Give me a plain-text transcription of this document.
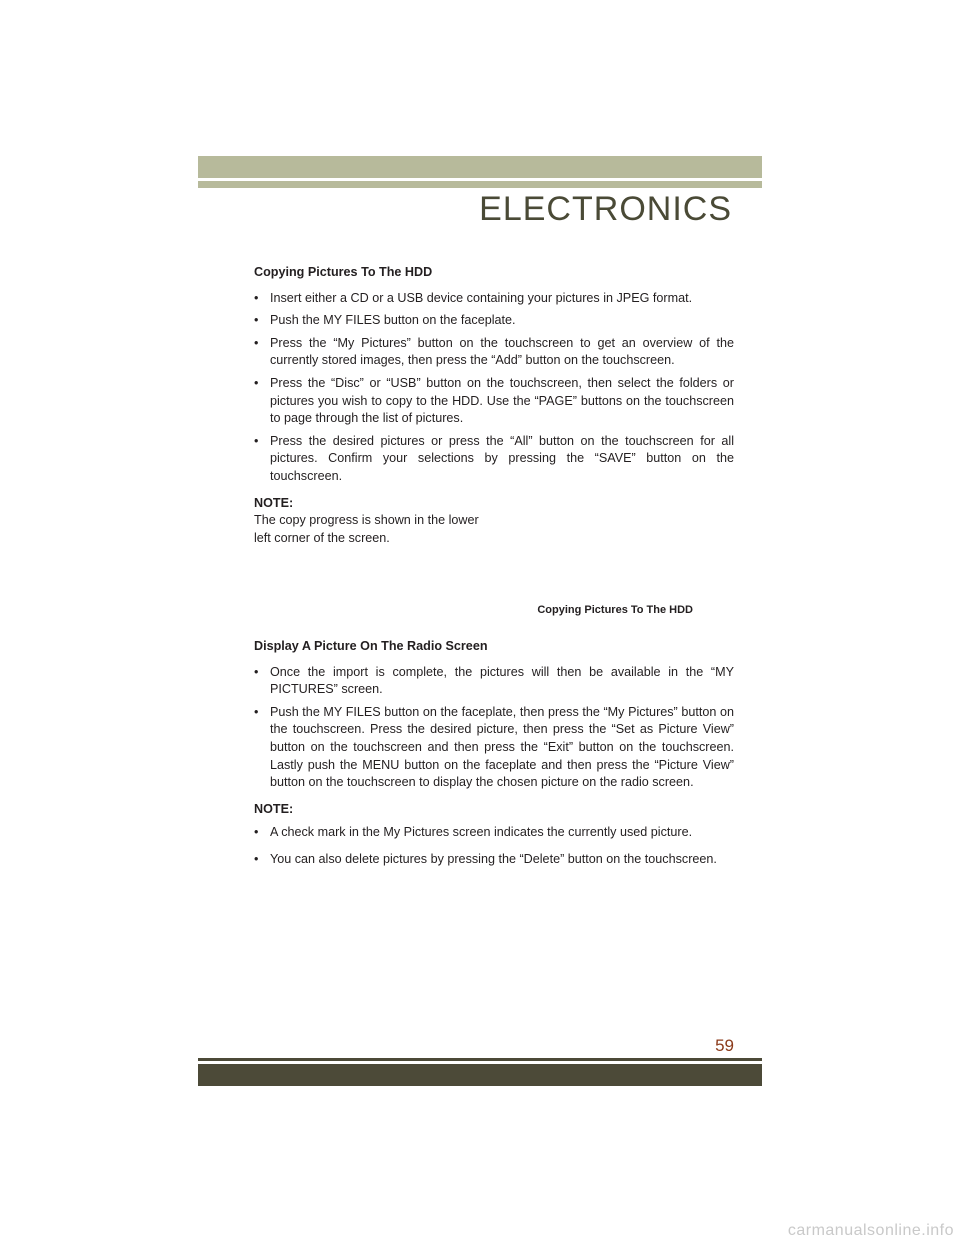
ELECTRONICS
Copying Pictures To The HDD
• Insert either a CD or a USB device containing your pictures in JPEG format.
• Push the MY FILES button on the faceplate.
• Press the “My Pictures” button on the touchscreen to get an overview of the currently stored images, then press the “Add” button on the touchscreen.
• Press the “Disc” or “USB” button on the touchscreen, then select the folders or pictures you wish to copy to the HDD. Use the “PAGE” buttons on the touchscreen to page through the list of pictures.
• Press the desired pictures or press the “All” button on the touchscreen for all pictures. Confirm your selections by pressing the “SAVE” button on the touchscreen.
NOTE:
The copy progress is shown in the lower left corner of the screen.
Copying Pictures To The HDD
Display A Picture On The Radio Screen
• Once the import is complete, the pictures will then be available in the “MY PICTURES” screen.
• Push the MY FILES button on the faceplate, then press the “My Pictures” button on the touchscreen. Press the desired picture, then press the “Set as Picture View” button on the touchscreen and then press the “Exit” button on the touchscreen. Lastly push the MENU button on the faceplate and then press the “Picture View” button on the touchscreen to display the chosen picture on the radio screen.
NOTE:
• A check mark in the My Pictures screen indicates the currently used picture.
• You can also delete pictures by pressing the “Delete” button on the touchscreen.
59
carmanualsonline.info
